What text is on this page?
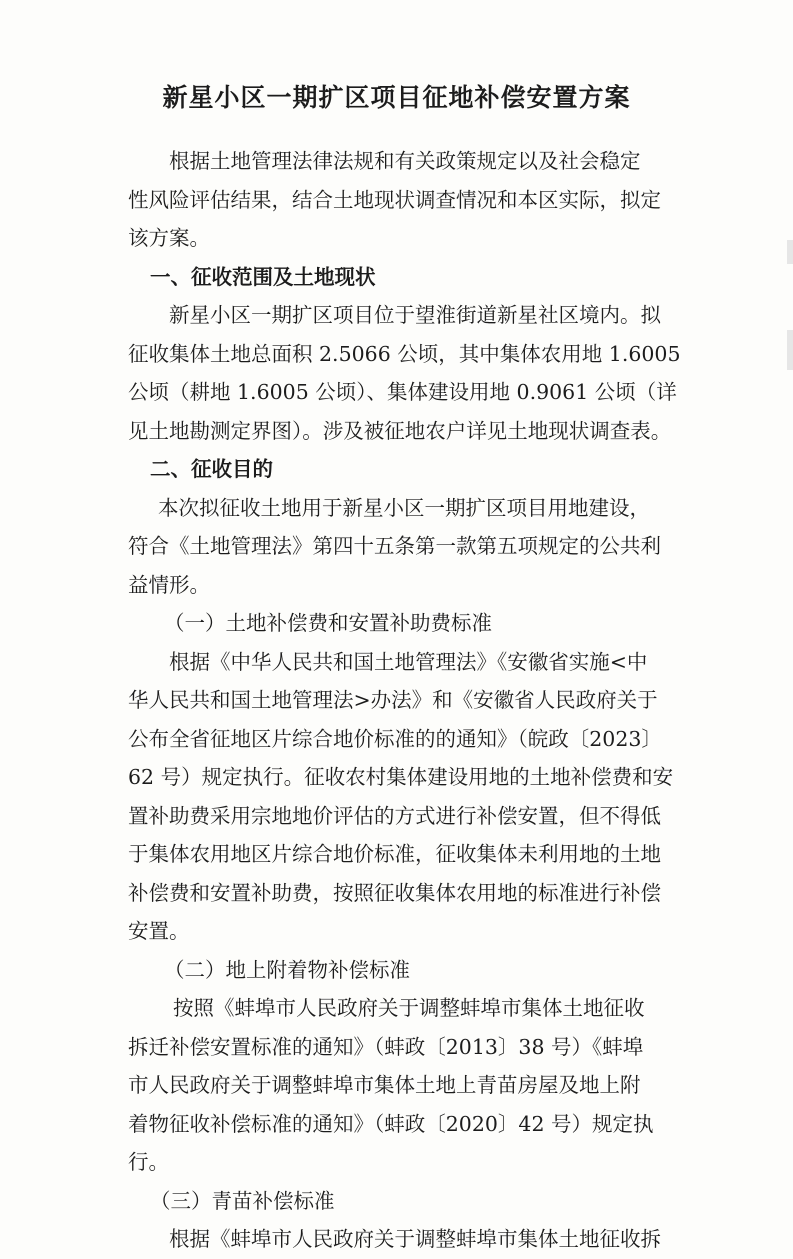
新星小区一期扩区项目征地补偿安置方案
根据土地管理法律法规和有关政策规定以及社会稳定
性风险评估结果，结合土地现状调查情况和本区实际，拟定
该方案。
一、征收范围及土地现状
新星小区一期扩区项目位于望淮街道新星社区境内。拟
征收集体土地总面积 2.5066 公顷，其中集体农用地 1.6005
公顷（耕地 1.6005 公顷）、集体建设用地 0.9061 公顷（详
见土地勘测定界图）。涉及被征地农户详见土地现状调查表。
二、征收目的
本次拟征收土地用于新星小区一期扩区项目用地建设，
符合《土地管理法》第四十五条第一款第五项规定的公共利
益情形。
（一）土地补偿费和安置补助费标准
根据《中华人民共和国土地管理法》《安徽省实施<中
华人民共和国土地管理法>办法》和《安徽省人民政府关于
公布全省征地区片综合地价标准的的通知》（皖政〔2023〕
62 号）规定执行。征收农村集体建设用地的土地补偿费和安
置补助费采用宗地地价评估的方式进行补偿安置，但不得低
于集体农用地区片综合地价标准，征收集体未利用地的土地
补偿费和安置补助费，按照征收集体农用地的标准进行补偿
安置。
（二）地上附着物补偿标准
按照《蚌埠市人民政府关于调整蚌埠市集体土地征收
拆迁补偿安置标准的通知》（蚌政〔2013〕38 号）《蚌埠
市人民政府关于调整蚌埠市集体土地上青苗房屋及地上附
着物征收补偿标准的通知》（蚌政〔2020〕42 号）规定执
行。
（三）青苗补偿标准
根据《蚌埠市人民政府关于调整蚌埠市集体土地征收拆
